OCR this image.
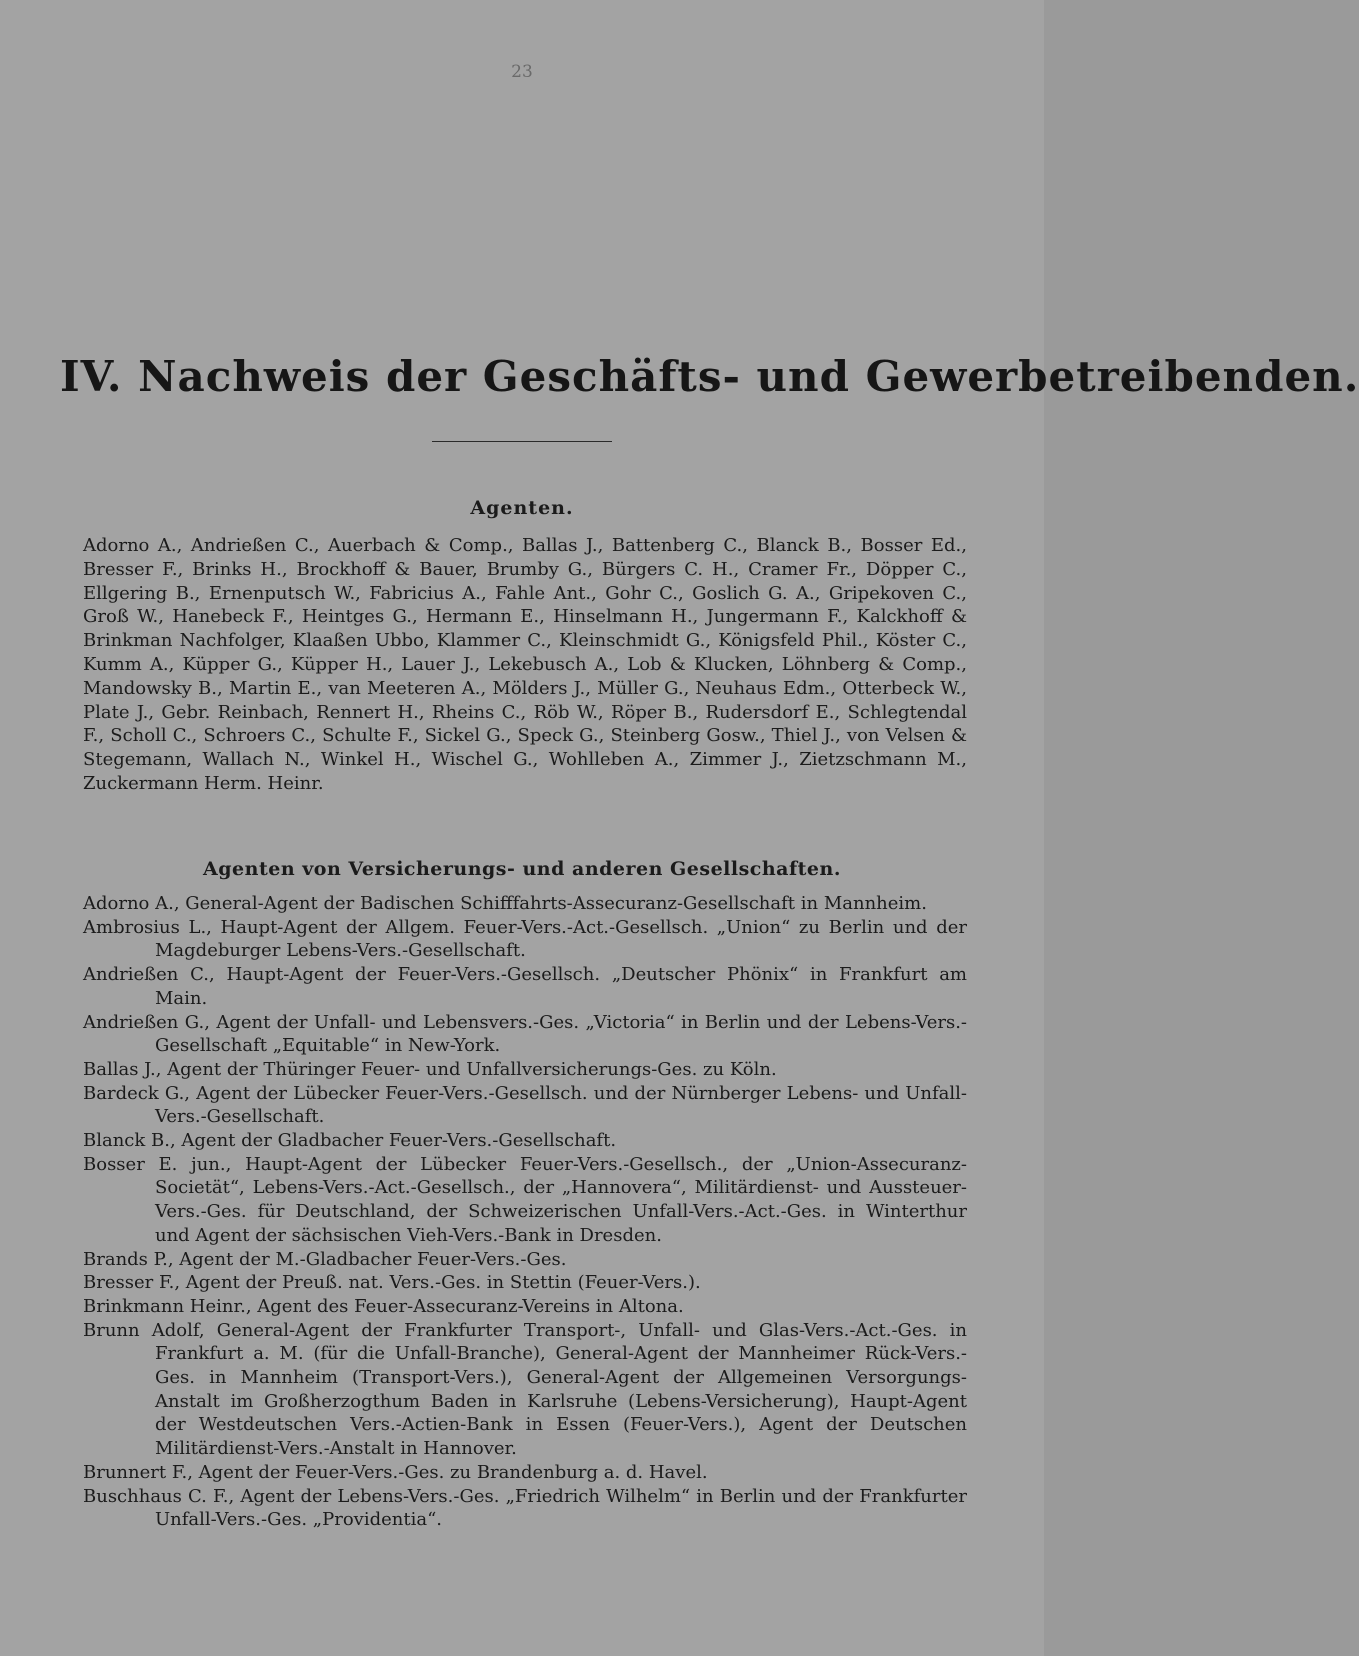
23
IV. Nachweis der Geschäfts- und Gewerbetreibenden.
Agenten.
Adorno A., Andrießen C., Auerbach & Comp., Ballas J., Battenberg C., Blanck B., Bosser Ed., Bresser F., Brinks H., Brockhoff & Bauer, Brumby G., Bürgers C. H., Cramer Fr., Döpper C., Ellgering B., Ernenputsch W., Fabricius A., Fahle Ant., Gohr C., Goslich G. A., Gripekoven C., Groß W., Hanebeck F., Heintges G., Hermann E., Hinselmann H., Jungermann F., Kalckhoff & Brinkman Nachfolger, Klaaßen Ubbo, Klammer C., Kleinschmidt G., Königsfeld Phil., Köster C., Kumm A., Küpper G., Küpper H., Lauer J., Lekebusch A., Lob & Klucken, Löhnberg & Comp., Mandowsky B., Martin E., van Meeteren A., Mölders J., Müller G., Neuhaus Edm., Otterbeck W., Plate J., Gebr. Reinbach, Rennert H., Rheins C., Röb W., Röper B., Rudersdorf E., Schlegtendal F., Scholl C., Schroers C., Schulte F., Sickel G., Speck G., Steinberg Gosw., Thiel J., von Velsen & Stegemann, Wallach N., Winkel H., Wischel G., Wohlleben A., Zimmer J., Zietzschmann M., Zuckermann Herm. Heinr.
Agenten von Versicherungs- und anderen Gesellschaften.
Adorno A., General-Agent der Badischen Schifffahrts-Assecuranz-Gesellschaft in Mannheim.
Ambrosius L., Haupt-Agent der Allgem. Feuer-Vers.-Act.-Gesellsch. „Union“ zu Berlin und der Magdeburger Lebens-Vers.-Gesellschaft.
Andrießen C., Haupt-Agent der Feuer-Vers.-Gesellsch. „Deutscher Phönix“ in Frankfurt am Main.
Andrießen G., Agent der Unfall- und Lebensvers.-Ges. „Victoria“ in Berlin und der Lebens-Vers.-Gesellschaft „Equitable“ in New-York.
Ballas J., Agent der Thüringer Feuer- und Unfallversicherungs-Ges. zu Köln.
Bardeck G., Agent der Lübecker Feuer-Vers.-Gesellsch. und der Nürnberger Lebens- und Unfall-Vers.-Gesellschaft.
Blanck B., Agent der Gladbacher Feuer-Vers.-Gesellschaft.
Bosser E. jun., Haupt-Agent der Lübecker Feuer-Vers.-Gesellsch., der „Union-Assecuranz-Societät“, Lebens-Vers.-Act.-Gesellsch., der „Hannovera“, Militärdienst- und Aussteuer-Vers.-Ges. für Deutschland, der Schweizerischen Unfall-Vers.-Act.-Ges. in Winterthur und Agent der sächsischen Vieh-Vers.-Bank in Dresden.
Brands P., Agent der M.-Gladbacher Feuer-Vers.-Ges.
Bresser F., Agent der Preuß. nat. Vers.-Ges. in Stettin (Feuer-Vers.).
Brinkmann Heinr., Agent des Feuer-Assecuranz-Vereins in Altona.
Brunn Adolf, General-Agent der Frankfurter Transport-, Unfall- und Glas-Vers.-Act.-Ges. in Frankfurt a. M. (für die Unfall-Branche), General-Agent der Mannheimer Rück-Vers.-Ges. in Mannheim (Transport-Vers.), General-Agent der Allgemeinen Versorgungs-Anstalt im Großherzogthum Baden in Karlsruhe (Lebens-Versicherung), Haupt-Agent der Westdeutschen Vers.-Actien-Bank in Essen (Feuer-Vers.), Agent der Deutschen Militärdienst-Vers.-Anstalt in Hannover.
Brunnert F., Agent der Feuer-Vers.-Ges. zu Brandenburg a. d. Havel.
Buschhaus C. F., Agent der Lebens-Vers.-Ges. „Friedrich Wilhelm“ in Berlin und der Frankfurter Unfall-Vers.-Ges. „Providentia“.
